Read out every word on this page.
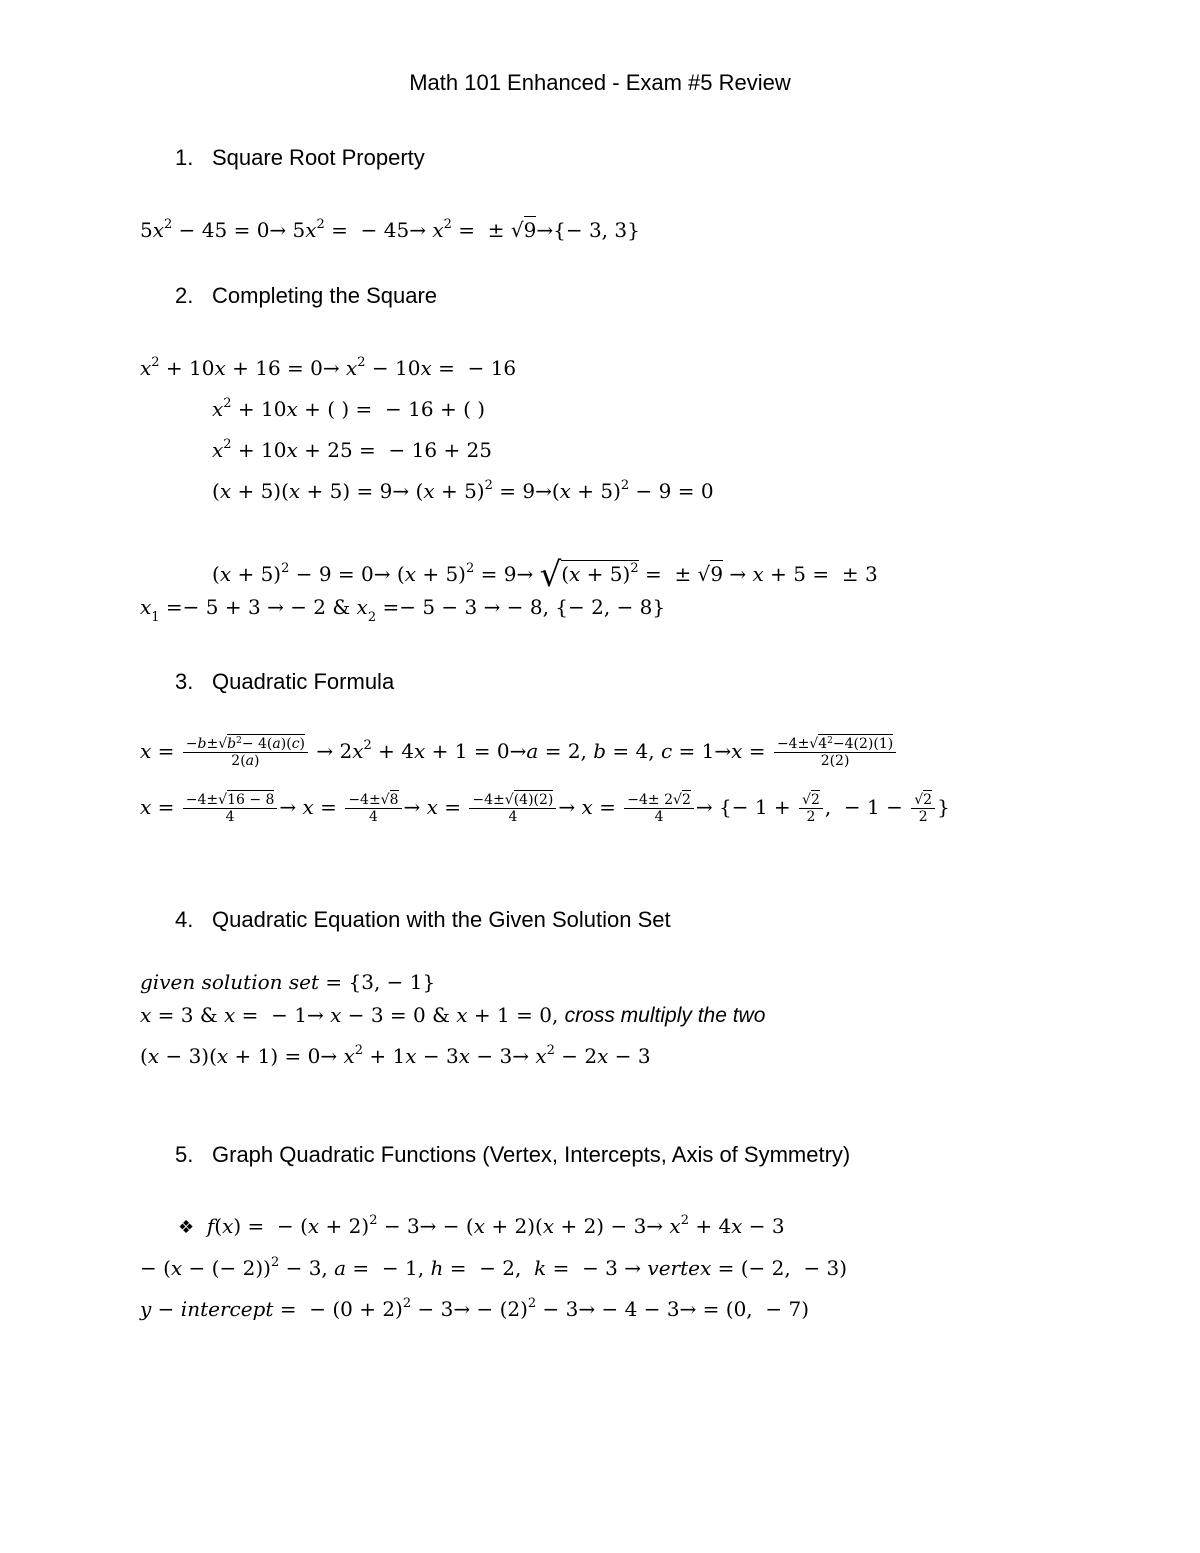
Math 101 Enhanced - Exam #5 Review
1. Square Root Property
$5x^2 - 45 = 0\to 5x^2$ =  − $45\to x^2$ =  ± √9→{− 3, 3}
2. Completing the Square
$x^2 + 10x + 16 = 0\to x^2 - 10x$ =  − 16
$x^2 + 10x$ + ( ) =  − 16 + ( )
$x^2 + 10x + 25$ =  − 16 + 25
$(x + 5)(x + 5) = 9\to (x + 5)^2 = 9\to(x + 5)^2 - 9 = 0$
$(x + 5)^2 - 9 = 0\to (x + 5)^2 = 9\to √(x + 5)^2$ =  ± √9 → x + 5 =  ± 3
$x_1 =- 5 + 3$ → − 2 & $x_2 =- 5 - 3$ → − 8, {− 2, − 8}
3. Quadratic Formula
$x = \frac{-b\pm√b^2- 4(a)(c)}{2(a)} \to 2x^2 + 4x + 1 = 0\to a = 2$, b = 4, $c = 1\to x = \frac{-4\pm√4^2-4(2)(1)}{2(2)}$
$x = \frac{-4\pm√16 - 8}{4} \to x = \frac{-4\pm√8}{4} \to x = \frac{-4\pm√(4)(2)}{4} \to x = \frac{-4\pm 2√2}{4}$ → {− $1 + \frac{√2}{2}$ ,  − $1 - \frac{√2}{2}$ }
4. Quadratic Equation with the Given Solution Set
given solution set = {3, − 1}
x = 3 & x =  − 1→ x − 3 = 0 & x + 1 = 0, cross multiply the two
$(x - 3)(x + 1) = 0\to x^2 + 1x - 3x - 3\to x^2 - 2x - 3$
5. Graph Quadratic Functions (Vertex, Intercepts, Axis of Symmetry)
❖ f(x) =  − $(x + 2)^2 - 3\to - (x + 2)(x + 2) - 3\to x^2 + 4x - 3$
− (x − (− 2))$^2$ − 3, a =  − 1, h =  − 2,  k =  − 3 → vertex = (− 2,  − 3)
y − intercept =  − $(0 + 2)^2 - 3\to - (2)^2 - 3\to - 4 - 3\to = (0$,  − 7)
